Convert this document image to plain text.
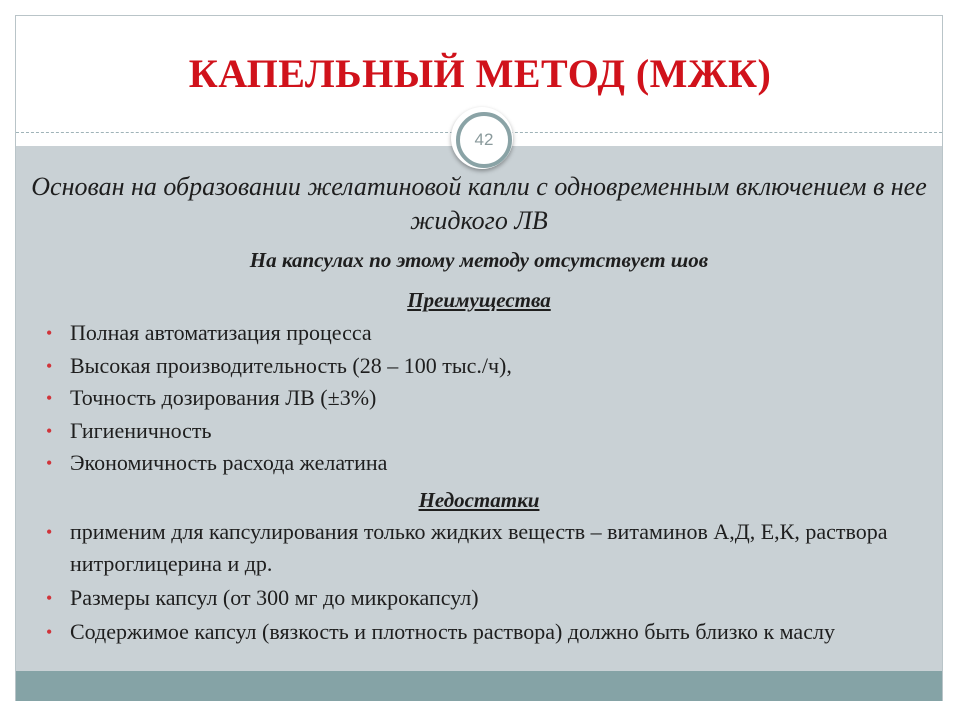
КАПЕЛЬНЫЙ МЕТОД (МЖК)
42
Основан на образовании желатиновой капли с одновременным включением в нее жидкого ЛВ
На капсулах по этому методу отсутствует шов
Преимущества
• Полная автоматизация процесса
• Высокая производительность (28 – 100 тыс./ч),
• Точность дозирования ЛВ (±3%)
• Гигиеничность
• Экономичность расхода желатина
Недостатки
• применим для капсулирования только жидких веществ – витаминов А,Д, Е,К, раствора нитроглицерина и др.
• Размеры капсул (от 300 мг до микрокапсул)
• Содержимое капсул (вязкость и плотность раствора) должно быть близко к маслу
